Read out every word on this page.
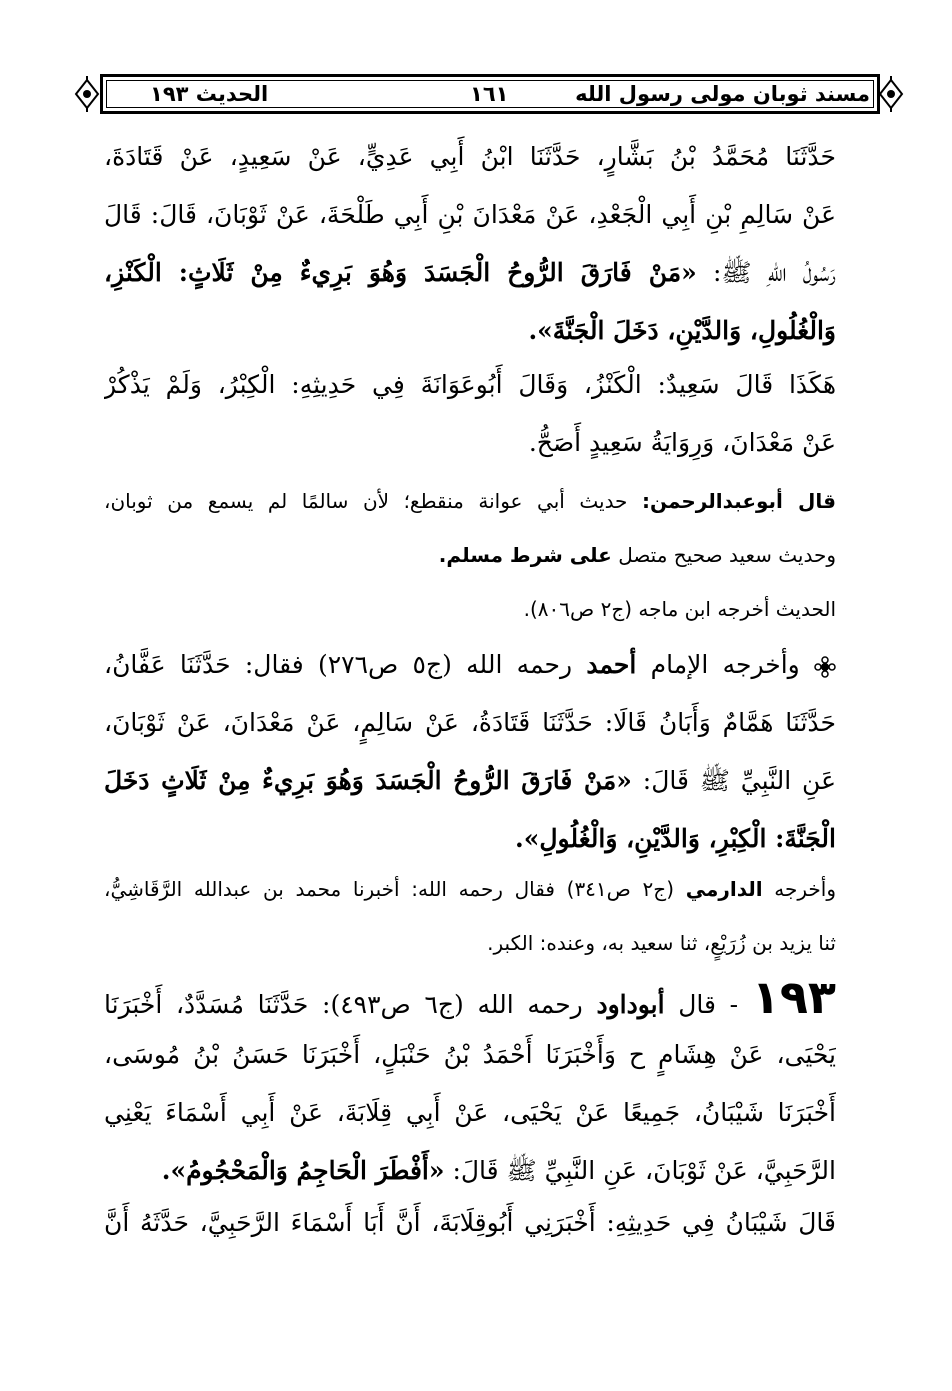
مسند ثوبان مولى رسول الله
١٦١
الحديث ١٩٣
حَدَّثَنَا مُحَمَّدُ بْنُ بَشَّارٍ، حَدَّثَنَا ابْنُ أَبِي عَدِيٍّ، عَنْ سَعِيدٍ، عَنْ قَتَادَةَ،
عَنْ سَالِمِ بْنِ أَبِي الْجَعْدِ، عَنْ مَعْدَانَ بْنِ أَبِي طَلْحَةَ، عَنْ ثَوْبَانَ، قَالَ: قَالَ
رَسُولُ اللهِ ﷺ: «مَنْ فَارَقَ الرُّوحُ الْجَسَدَ وَهُوَ بَرِيءٌ مِنْ ثَلَاثٍ: الْكَنْزِ،
وَالْغُلُولِ، وَالدَّيْنِ، دَخَلَ الْجَنَّةَ».
هَكَذَا قَالَ سَعِيدٌ: الْكَنْزُ، وَقَالَ أَبُوعَوَانَةَ فِي حَدِيثِهِ: الْكِبْرُ، وَلَمْ يَذْكُرْ
عَنْ مَعْدَانَ، وَرِوَايَةُ سَعِيدٍ أَصَحُّ.
قال أبوعبدالرحمن: حديث أبي عوانة منقطع؛ لأن سالمًا لم يسمع من ثوبان،
وحديث سعيد صحيح متصل على شرط مسلم.
الحديث أخرجه ابن ماجه (ج٢ ص٨٠٦).
وأخرجه الإمام أحمد رحمه الله (ج٥ ص٢٧٦) فقال: حَدَّثَنَا عَفَّانُ،
حَدَّثَنَا هَمَّامٌ وَأَبَانُ قَالَا: حَدَّثَنَا قَتَادَةُ، عَنْ سَالِمٍ، عَنْ مَعْدَانَ، عَنْ ثَوْبَانَ،
عَنِ النَّبِيِّ ﷺ قَالَ: «مَنْ فَارَقَ الرُّوحُ الْجَسَدَ وَهُوَ بَرِيءٌ مِنْ ثَلَاثٍ دَخَلَ
الْجَنَّةَ: الْكِبْرِ، وَالدَّيْنِ، وَالْغُلُولِ».
وأخرجه الدارمي (ج٢ ص٣٤١) فقال رحمه الله: أخبرنا محمد بن عبدالله الرَّقَاشِيُّ،
ثنا يزيد بن زُرَيْعٍ، ثنا سعيد به، وعنده: الكبر.
١٩٣ - قال أبوداود رحمه الله (ج٦ ص٤٩٣): حَدَّثَنَا مُسَدَّدٌ، أَخْبَرَنَا
يَحْيَى، عَنْ هِشَامٍ ح وَأَخْبَرَنَا أَحْمَدُ بْنُ حَنْبَلٍ، أَخْبَرَنَا حَسَنُ بْنُ مُوسَى،
أَخْبَرَنَا شَيْبَانُ، جَمِيعًا عَنْ يَحْيَى، عَنْ أَبِي قِلَابَةَ، عَنْ أَبِي أَسْمَاءَ يَعْنِي
الرَّحَبِيَّ، عَنْ ثَوْبَانَ، عَنِ النَّبِيِّ ﷺ قَالَ: «أَفْطَرَ الْحَاجِمُ وَالْمَحْجُومُ».
قَالَ شَيْبَانُ فِي حَدِيثِهِ: أَخْبَرَنِي أَبُوقِلَابَةَ، أَنَّ أَبَا أَسْمَاءَ الرَّحَبِيَّ، حَدَّثَهُ أَنَّ
